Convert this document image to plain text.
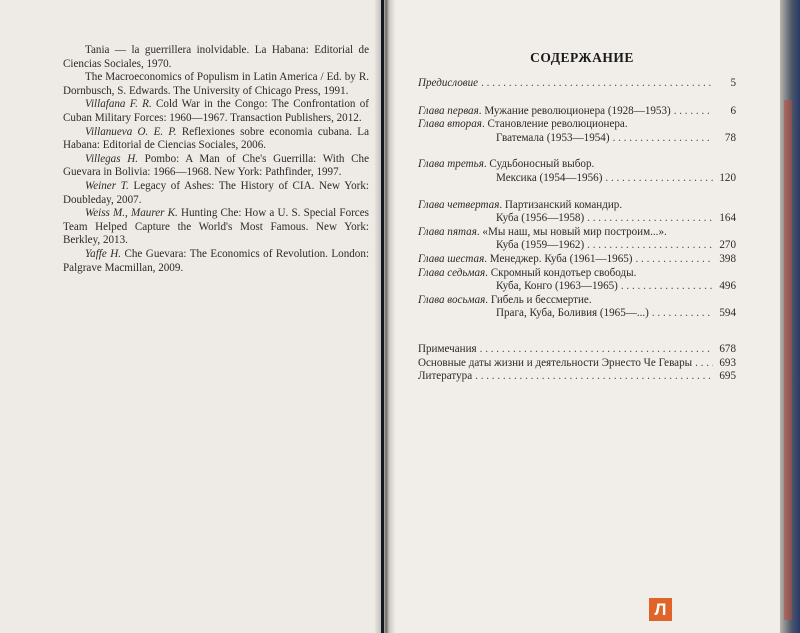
Tania — la guerrillera inolvidable. La Habana: Editorial de Ciencias Sociales, 1970.
The Macroeconomics of Populism in Latin America / Ed. by R. Dornbusch, S. Edwards. The University of Chicago Press, 1991.
Villafana F. R. Cold War in the Congo: The Confrontation of Cuban Military Forces: 1960—1967. Transaction Publishers, 2012.
Villanueva O. E. P. Reflexiones sobre economia cubana. La Habana: Editorial de Ciencias Sociales, 2006.
Villegas H. Pombo: A Man of Che's Guerrilla: With Che Guevara in Bolivia: 1966—1968. New York: Pathfinder, 1997.
Weiner T. Legacy of Ashes: The History of CIA. New York: Doubleday, 2007.
Weiss M., Maurer K. Hunting Che: How a U. S. Special Forces Team Helped Capture the World's Most Famous. New York: Berkley, 2013.
Yaffe H. Che Guevara: The Economics of Revolution. London: Palgrave Macmillan, 2009.
СОДЕРЖАНИЕ
Предисловие . . .	5
Глава первая. Мужание революционера (1928—1953) . . .	6
Глава вторая. Становление революционера.
Гватемала (1953—1954) . . .	78
Глава третья. Судьбоносный выбор.
Мексика (1954—1956) . . .	120
Глава четвертая. Партизанский командир.
Куба (1956—1958) . . .	164
Глава пятая. «Мы наш, мы новый мир построим...».
Куба (1959—1962) . . .	270
Глава шестая. Менеджер. Куба (1961—1965) . . .	398
Глава седьмая. Скромный кондотьер свободы.
Куба, Конго (1963—1965) . . .	496
Глава восьмая. Гибель и бессмертие.
Прага, Куба, Боливия (1965—...) . . .	594
Примечания . . .	678
Основные даты жизни и деятельности Эрнесто Че Гевары . . .	693
Литература . . .	695
Л
